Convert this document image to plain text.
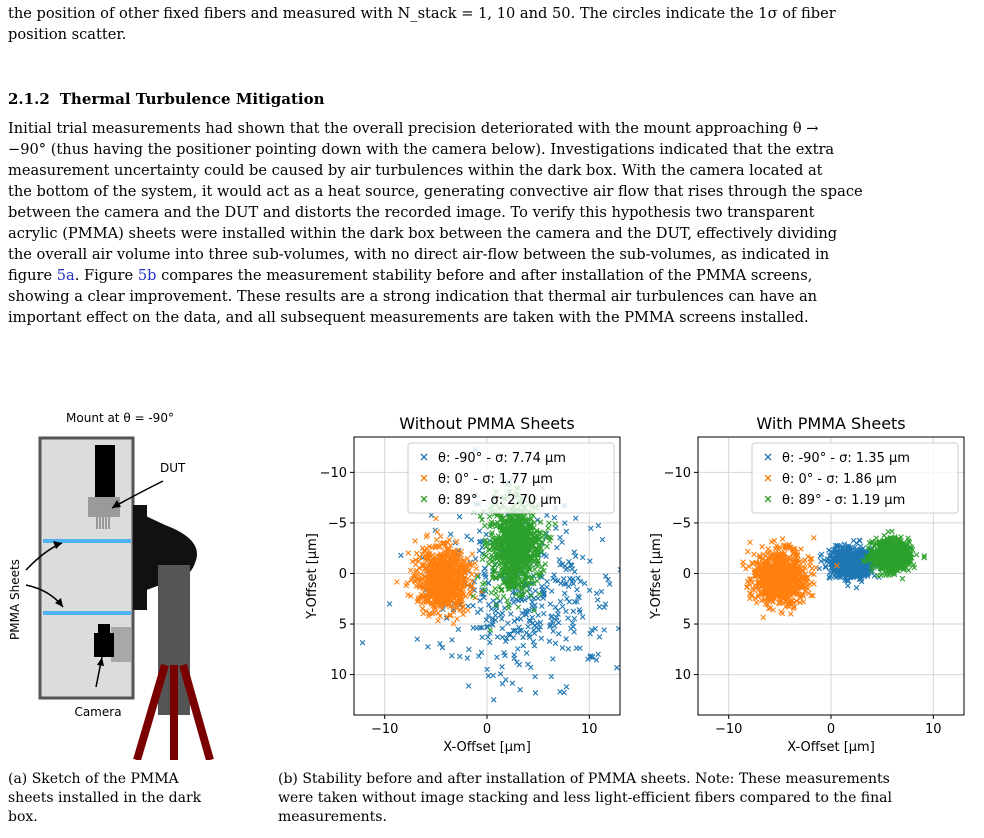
the position of other fixed fibers and measured with N_stack = 1, 10 and 50. The circles indicate the 1σ of fiber
position scatter.
2.1.2 Thermal Turbulence Mitigation
Initial trial measurements had shown that the overall precision deteriorated with the mount approaching θ →
−90° (thus having the positioner pointing down with the camera below). Investigations indicated that the extra
measurement uncertainty could be caused by air turbulences within the dark box. With the camera located at
the bottom of the system, it would act as a heat source, generating convective air flow that rises through the space
between the camera and the DUT and distorts the recorded image. To verify this hypothesis two transparent
acrylic (PMMA) sheets were installed within the dark box between the camera and the DUT, effectively dividing
the overall air volume into three sub-volumes, with no direct air-flow between the sub-volumes, as indicated in
figure 5a. Figure 5b compares the measurement stability before and after installation of the PMMA screens,
showing a clear improvement. These results are a strong indication that thermal air turbulences can have an
important effect on the data, and all subsequent measurements are taken with the PMMA screens installed.
Mount at θ = -90°
DUT
PMMA Sheets
Camera
Without PMMA Sheets
−10	0	10
−10
−5
0
5
10
X-Offset [μm]
Y-Offset [μm]
θ: -90° - σ: 7.74 μm
θ: 0° - σ: 1.77 μm
θ: 89° - σ: 2.70 μm
With PMMA Sheets
−10	0	10
−10
−5
0
5
10
X-Offset [μm]
Y-Offset [μm]
θ: -90° - σ: 1.35 μm
θ: 0° - σ: 1.86 μm
θ: 89° - σ: 1.19 μm
(a) Sketch of the PMMA
sheets installed in the dark
box.
(b) Stability before and after installation of PMMA sheets. Note: These measurements
were taken without image stacking and less light-efficient fibers compared to the final
measurements.
